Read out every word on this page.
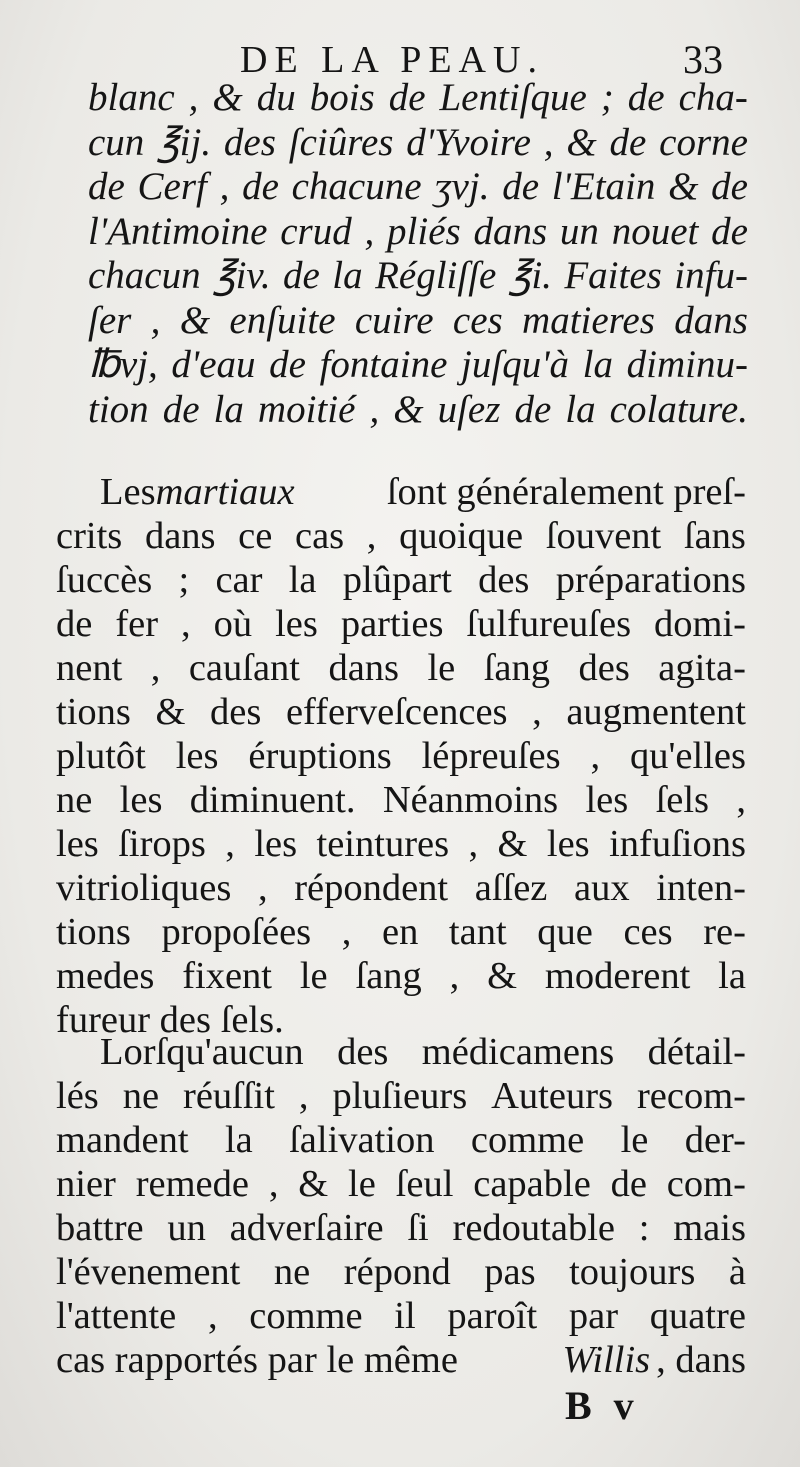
DE LA PEAU.	33
blanc , & du bois de Lentiſque ; de cha-
cun ℥ij. des ſciûres d'Yvoire , & de corne
de Cerf , de chacune ʒvj. de l'Etain & de
l'Antimoine crud , pliés dans un nouet de
chacun ℥iv. de la Régliſſe ℥i. Faites infu-
ſer , & enſuite cuire ces matieres dans
℔vj, d'eau de fontaine juſqu'à la diminu-
tion de la moitié , & uſez de la colature.
Les martiaux	ſont généralement preſ-
crits dans ce cas , quoique ſouvent ſans
ſuccès ; car la plûpart des préparations
de fer , où les parties ſulfureuſes domi-
nent , cauſant dans le ſang des agita-
tions & des efferveſcences , augmentent
plutôt les éruptions lépreuſes , qu'elles
ne les diminuent. Néanmoins les ſels ,
les ſirops , les teintures , & les infuſions
vitrioliques , répondent aſſez aux inten-
tions propoſées , en tant que ces re-
medes fixent le ſang , & moderent la
fureur des ſels.
Lorſqu'aucun des médicamens détail-
lés ne réuſſit , pluſieurs Auteurs recom-
mandent la ſalivation comme le der-
nier remede , & le ſeul capable de com-
battre un adverſaire ſi redoutable : mais
l'évenement ne répond pas toujours à
l'attente , comme il paroît par quatre
cas rapportés par le même	Willis , dans
B v
